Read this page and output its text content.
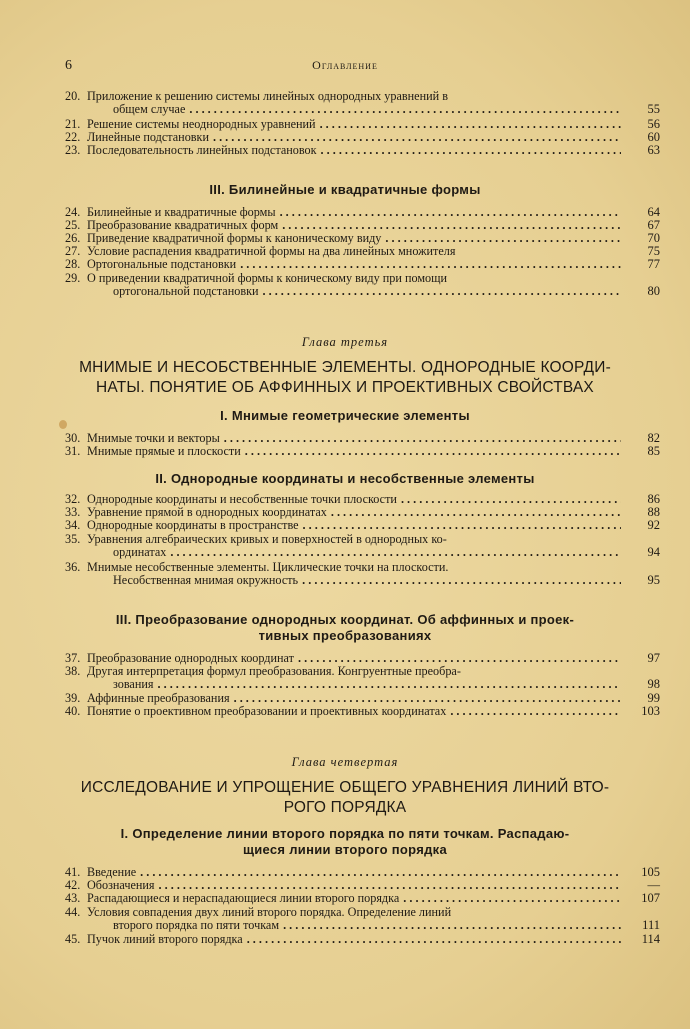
6	Оглавление
20. Приложение к решению системы линейных однородных уравнений в
общем случае . . .	55
21. Решение системы неоднородных уравнений . . .	56
22. Линейные подстановки . . .	60
23. Последовательность линейных подстановок . . .	63
III. Билинейные и квадратичные формы
24. Билинейные и квадратичные формы . . .	64
25. Преобразование квадратичных форм . . .	67
26. Приведение квадратичной формы к каноническому виду . . .	70
27. Условие распадения квадратичной формы на два линейных множителя	75
28. Ортогональные подстановки . . .	77
29. О приведении квадратичной формы к коническому виду при помощи
ортогональной подстановки . . .	80
Глава третья
МНИМЫЕ И НЕСОБСТВЕННЫЕ ЭЛЕМЕНТЫ. ОДНОРОДНЫЕ КООРДИ-
НАТЫ. ПОНЯТИЕ ОБ АФФИННЫХ И ПРОЕКТИВНЫХ СВОЙСТВАХ
I. Мнимые геометрические элементы
30. Мнимые точки и векторы . . .	82
31. Мнимые прямые и плоскости . . .	85
II. Однородные координаты и несобственные элементы
32. Однородные координаты и несобственные точки плоскости . . .	86
33. Уравнение прямой в однородных координатах . . .	88
34. Однородные координаты в пространстве . . .	92
35. Уравнения алгебраических кривых и поверхностей в однородных ко-
ординатах . . .	94
36. Мнимые несобственные элементы. Циклические точки на плоскости.
Несобственная мнимая окружность . . .	95
III. Преобразование однородных координат. Об аффинных и проек-
тивных преобразованиях
37. Преобразование однородных координат . . .	97
38. Другая интерпретация формул преобразования. Конгруентные прeобра-
зования . . .	98
39. Аффинные преобразования . . .	99
40. Понятие о проективном преобразовании и проективных координатах . . .	103
Глава четвертая
ИССЛЕДОВАНИЕ И УПРОЩЕНИЕ ОБЩЕГО УРАВНЕНИЯ ЛИНИЙ ВТО-
РОГО ПОРЯДКА
I. Определение линии второго порядка по пяти точкам. Распадаю-
щиеся линии второго порядка
41. Введение . . .	105
42. Обозначения . . .	—
43. Распадающиеся и нераспадающиеся линии второго порядка . . .	107
44. Условия совпадения двух линий второго порядка. Определение линий
второго порядка по пяти точкам . . .	111
45. Пучок линий второго порядка . . .	114
